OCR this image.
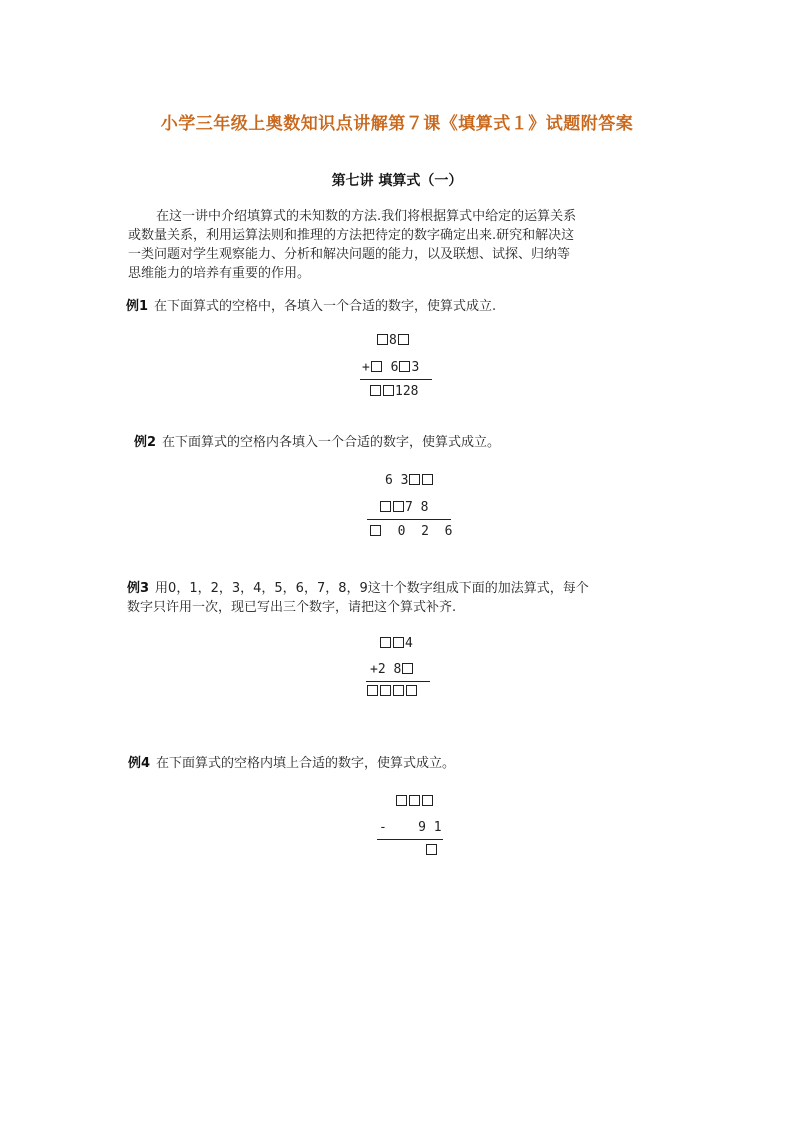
小学三年级上奥数知识点讲解第７课《填算式１》试题附答案
第七讲 填算式（一）
在这一讲中介绍填算式的未知数的方法.我们将根据算式中给定的运算关系
或数量关系，利用运算法则和推理的方法把待定的数字确定出来.研究和解决这
一类问题对学生观察能力、分析和解决问题的能力，以及联想、试探、归纳等
思维能力的培养有重要的作用。
例1 在下面算式的空格中，各填入一个合适的数字，使算式成立.
8
+ 6 3
128
例2 在下面算式的空格内各填入一个合适的数字，使算式成立。
6 3
7 8
0  2  6
例3 用0，1，2，3，4，5，6，7，8，9这十个数字组成下面的加法算式，每个
数字只许用一次，现已写出三个数字，请把这个算式补齐.
4
+2 8
例4 在下面算式的空格内填上合适的数字，使算式成立。
- 9 1
